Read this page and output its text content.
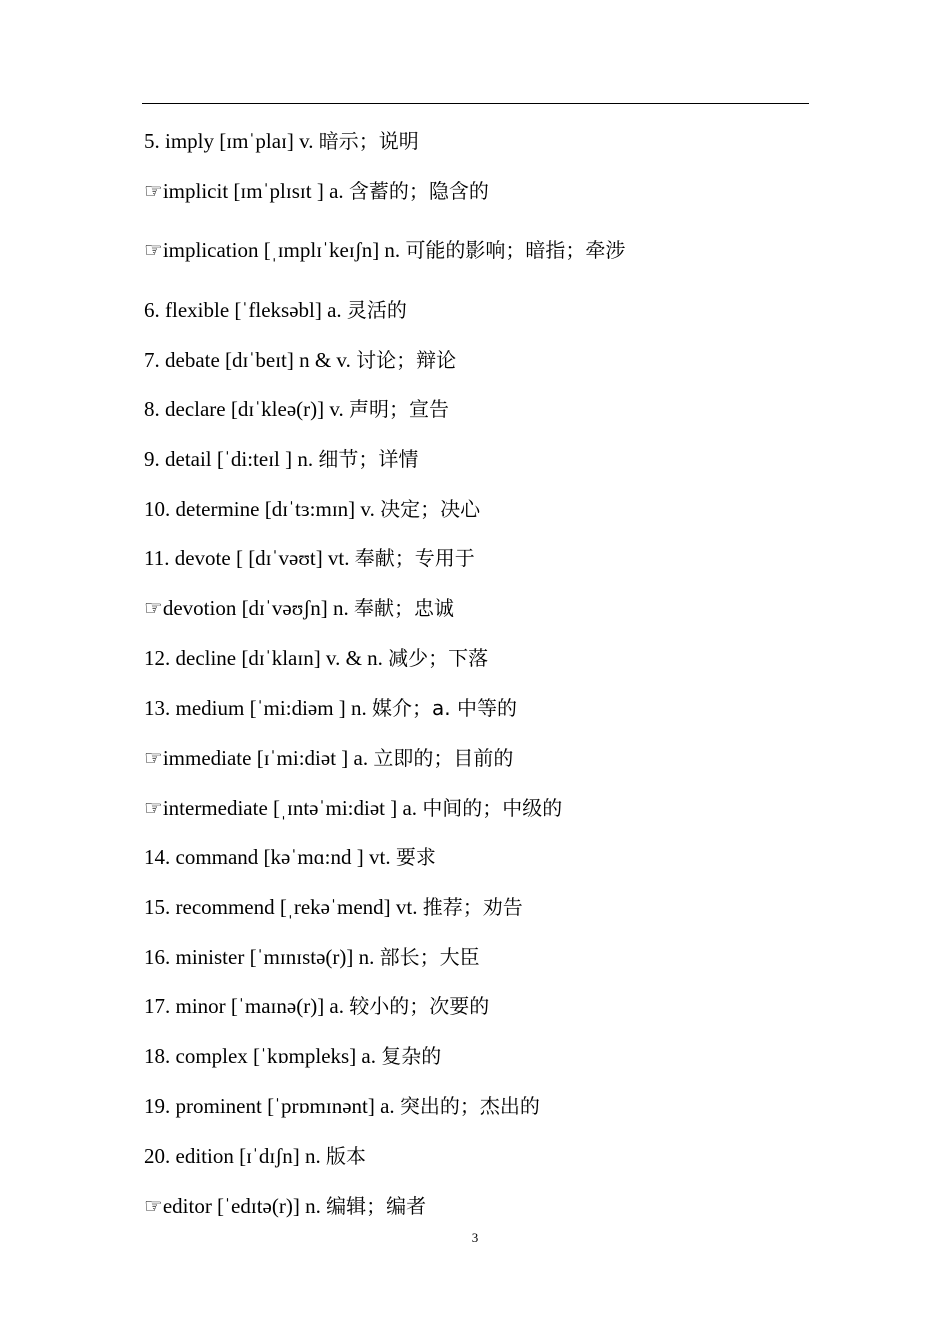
5. imply [ɪmˈplaɪ] v. 暗示；说明
☞implicit [ɪmˈplɪsɪt ] a. 含蓄的；隐含的
☞implication [ˌɪmplɪˈkeɪʃn] n. 可能的影响；暗指；牵涉
6. flexible [ˈfleksəbl] a. 灵活的
7. debate [dɪˈbeɪt] n & v. 讨论；辩论
8. declare [dɪˈkleə(r)] v. 声明；宣告
9. detail [ˈdi:teɪl ] n. 细节；详情
10. determine [dɪˈtɜ:mɪn] v. 决定；决心
11. devote [ [dɪˈvəʊt] vt. 奉献；专用于
☞devotion [dɪˈvəʊʃn] n. 奉献；忠诚
12. decline [dɪˈklaɪn] v. & n. 减少；下落
13. medium [ˈmi:diəm ] n. 媒介；a. 中等的
☞immediate [ɪˈmi:diət ] a. 立即的；目前的
☞intermediate [ˌɪntəˈmi:diət ] a. 中间的；中级的
14. command [kəˈmɑ:nd ] vt. 要求
15. recommend [ˌrekəˈmend] vt. 推荐；劝告
16. minister [ˈmɪnɪstə(r)] n. 部长；大臣
17. minor [ˈmaɪnə(r)] a. 较小的；次要的
18. complex [ˈkɒmpleks] a. 复杂的
19. prominent [ˈprɒmɪnənt] a. 突出的；杰出的
20. edition [ɪˈdɪʃn] n. 版本
☞editor [ˈedɪtə(r)] n. 编辑；编者
3
